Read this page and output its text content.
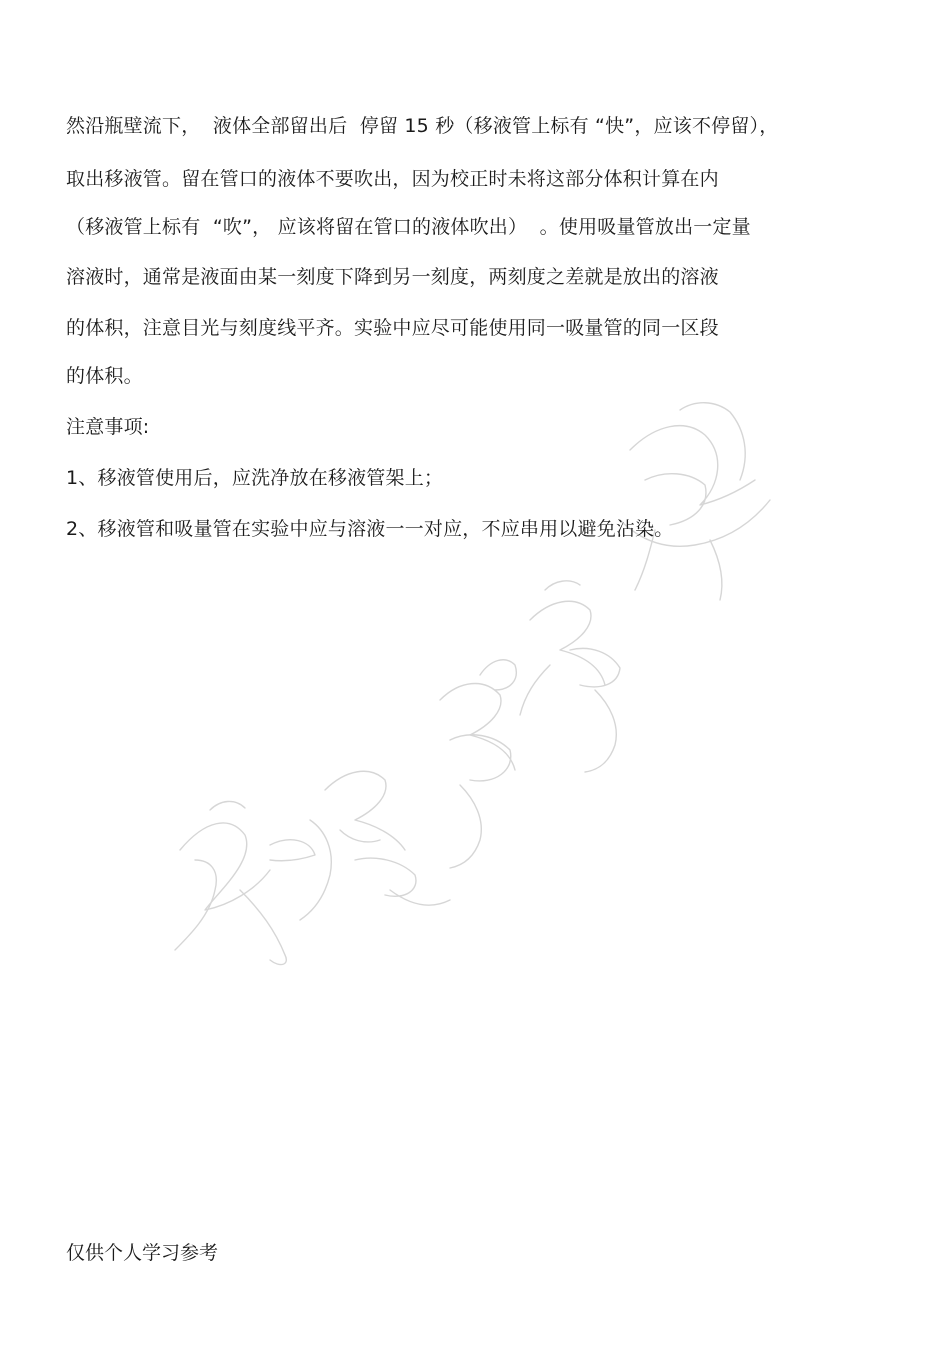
然沿瓶壁流下，  液体全部留出后  停留 15 秒（移液管上标有 “快”，应该不停留），
取出移液管。留在管口的液体不要吹出，因为校正时未将这部分体积计算在内
（移液管上标有  “吹”， 应该将留在管口的液体吹出）  。使用吸量管放出一定量
溶液时，通常是液面由某一刻度下降到另一刻度，两刻度之差就是放出的溶液
的体积，注意目光与刻度线平齐。实验中应尽可能使用同一吸量管的同一区段
的体积。
注意事项:
1、移液管使用后，应洗净放在移液管架上；
2、移液管和吸量管在实验中应与溶液一一对应，不应串用以避免沾染。
仅供个人学习参考
